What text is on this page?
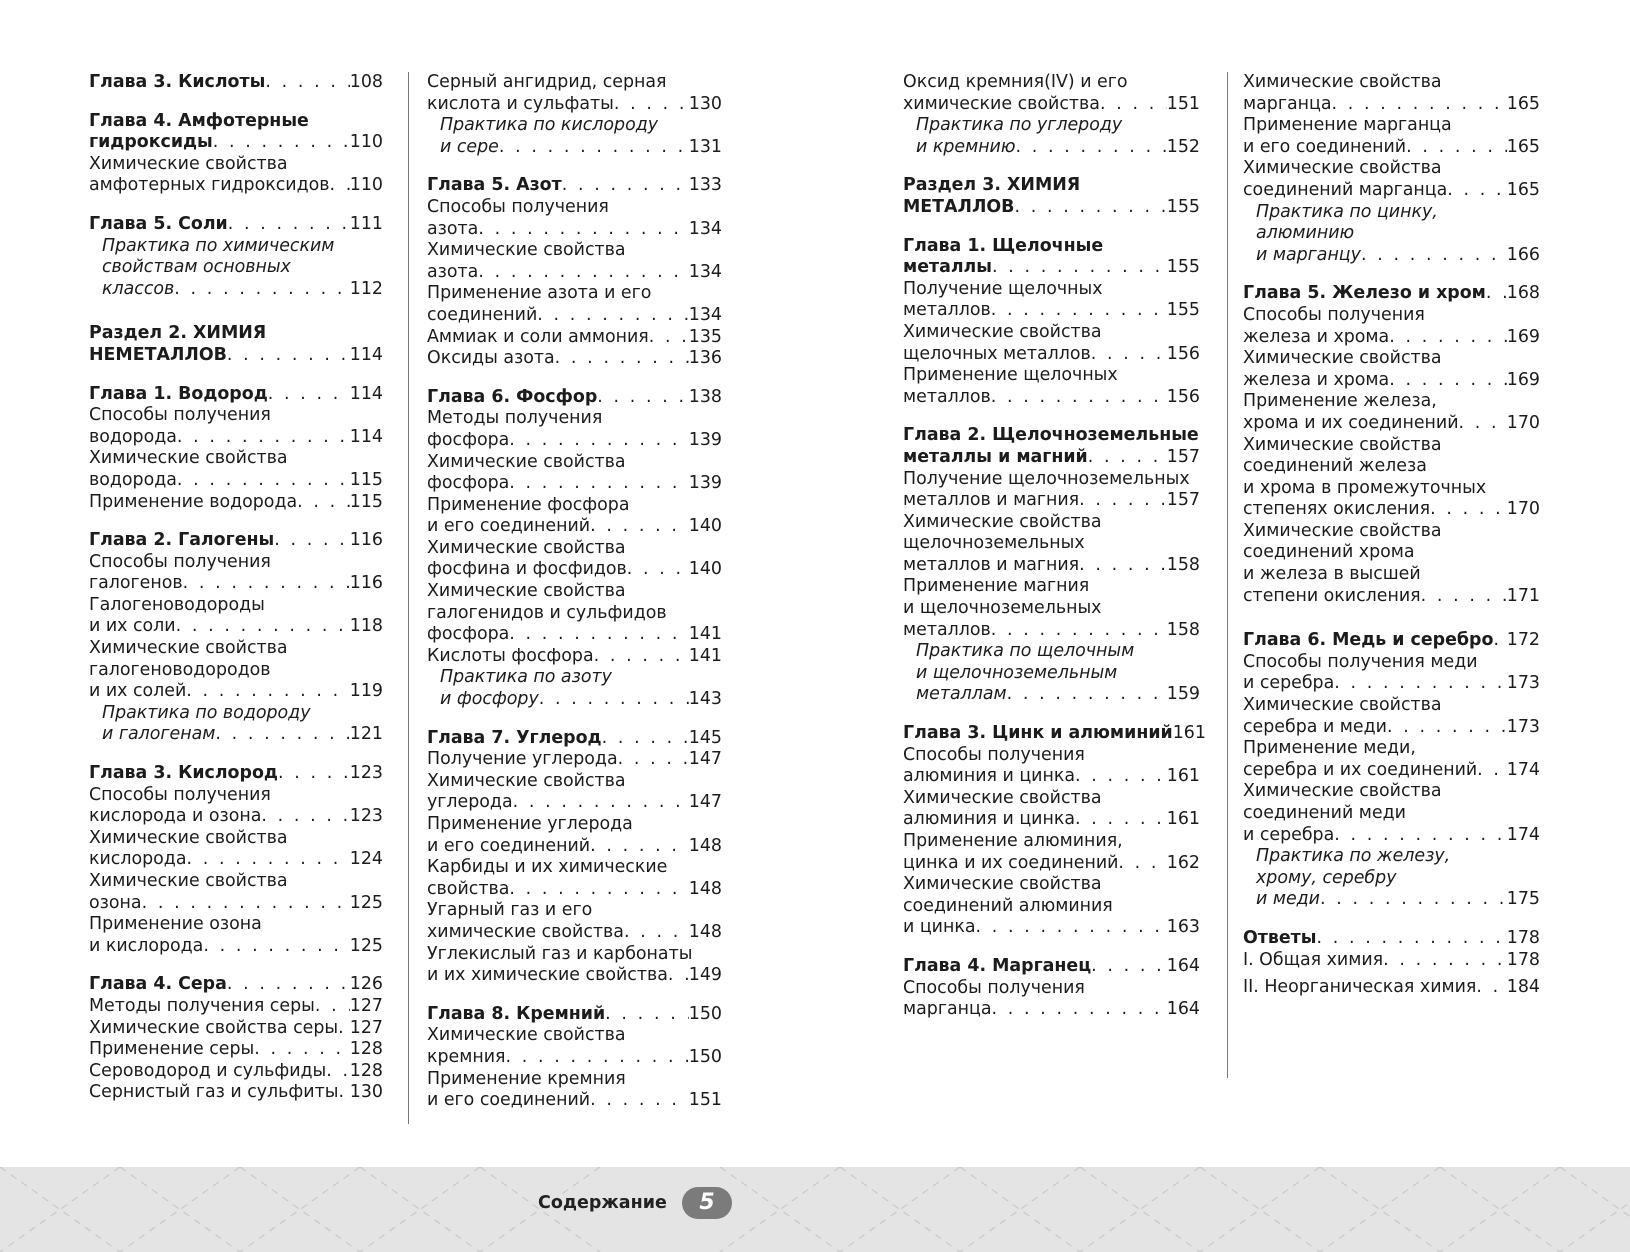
Глава 3. Кислоты . . .	108
Глава 4. Амфотерные
гидроксиды . . .	110
Химические свойства
амфотерных гидроксидов . . . 110
Глава 5. Соли . . .	111
Практика по химическим
свойствам основных
классов . . .	112
Раздел 2. ХИМИЯ
НЕМЕТАЛЛОВ . . .	114
Глава 1. Водород . . .	114
Способы получения
водорода . . .	114
Химические свойства
водорода . . .	115
Применение водорода . . .	115
Глава 2. Галогены . . .	116
Способы получения
галогенов . . .	116
Галогеноводороды
и их соли . . .	118
Химические свойства
галогеноводородов
и их солей . . .	119
Практика по водороду
и галогенам . . .	121
Глава 3. Кислород . . .	123
Способы получения
кислорода и озона . . .	123
Химические свойства
кислорода . . .	124
Химические свойства
озона . . .	125
Применение озона
и кислорода . . .	125
Глава 4. Сера . . .	126
Методы получения серы . . . 127
Химические свойства серы . . . 127
Применение серы . . .	128
Сероводород и сульфиды . . . 128
Сернистый газ и сульфиты . . . 130
Серный ангидрид, серная
кислота и сульфаты . . .	130
Практика по кислороду
и сере . . .	131
Глава 5. Азот . . .	133
Способы получения
азота . . .	134
Химические свойства
азота . . .	134
Применение азота и его
соединений . . .	134
Аммиак и соли аммония . . . 135
Оксиды азота . . .	136
Глава 6. Фосфор . . .	138
Методы получения
фосфора . . .	139
Химические свойства
фосфора . . .	139
Применение фосфора
и его соединений . . .	140
Химические свойства
фосфина и фосфидов . . .	140
Химические свойства
галогенидов и сульфидов
фосфора . . .	141
Кислоты фосфора . . .	141
Практика по азоту
и фосфору . . .	143
Глава 7. Углерод . . .	145
Получение углерода . . .	147
Химические свойства
углерода . . .	147
Применение углерода
и его соединений . . .	148
Карбиды и их химические
свойства . . .	148
Угарный газ и его
химические свойства . . .	148
Углекислый газ и карбонаты
и их химические свойства . . . 149
Глава 8. Кремний . . .	150
Химические свойства
кремния . . .	150
Применение кремния
и его соединений . . .	151
Оксид кремния(IV) и его
химические свойства . . .	151
Практика по углероду
и кремнию . . .	152
Раздел 3. ХИМИЯ
МЕТАЛЛОВ . . .	155
Глава 1. Щелочные
металлы . . .	155
Получение щелочных
металлов . . .	155
Химические свойства
щелочных металлов . . .	156
Применение щелочных
металлов . . .	156
Глава 2. Щелочноземельные
металлы и магний . . .	157
Получение щелочноземельных
металлов и магния . . .	157
Химические свойства
щелочноземельных
металлов и магния . . .	158
Применение магния
и щелочноземельных
металлов . . .	158
Практика по щелочным
и щелочноземельным
металлам . . .	159
Глава 3. Цинк и алюминий 161
Способы получения
алюминия и цинка . . .	161
Химические свойства
алюминия и цинка . . .	161
Применение алюминия,
цинка и их соединений . . .	162
Химические свойства
соединений алюминия
и цинка . . .	163
Глава 4. Марганец . . .	164
Способы получения
марганца . . .	164
Химические свойства
марганца . . .	165
Применение марганца
и его соединений . . .	165
Химические свойства
соединений марганца . . .	165
Практика по цинку,
алюминию
и марганцу . . .	166
Глава 5. Железо и хром . . . 168
Способы получения
железа и хрома . . .	169
Химические свойства
железа и хрома . . .	169
Применение железа,
хрома и их соединений . . .	170
Химические свойства
соединений железа
и хрома в промежуточных
степенях окисления . . .	170
Химические свойства
соединений хрома
и железа в высшей
степени окисления . . .	171
Глава 6. Медь и серебро . . . 172
Способы получения меди
и серебра . . .	173
Химические свойства
серебра и меди . . .	173
Применение меди,
серебра и их соединений . . . 174
Химические свойства
соединений меди
и серебра . . .	174
Практика по железу,
хрому, серебру
и меди . . .	175
Ответы . . .	178
I. Общая химия . . .	178
II. Неорганическая химия . . . 184
Содержание	5
